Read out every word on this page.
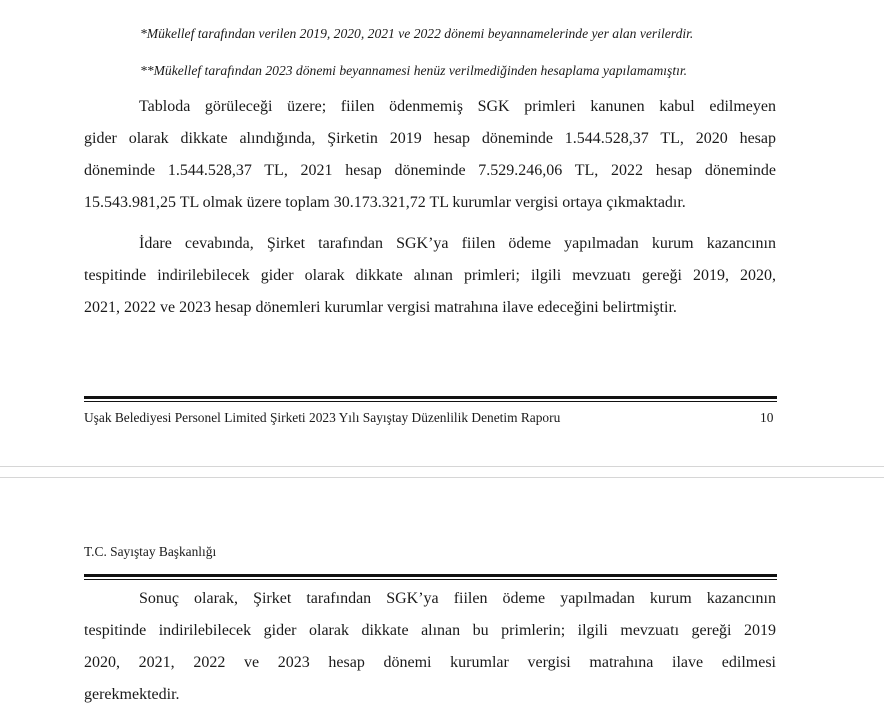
*Mükellef tarafından verilen 2019, 2020, 2021 ve 2022 dönemi beyannamelerinde yer alan verilerdir.
**Mükellef tarafından 2023 dönemi beyannamesi henüz verilmediğinden hesaplama yapılamamıştır.
Tabloda görüleceği üzere; fiilen ödenmemiş SGK primleri kanunen kabul edilmeyen
gider olarak dikkate alındığında, Şirketin 2019 hesap döneminde 1.544.528,37 TL, 2020 hesap
döneminde 1.544.528,37 TL, 2021 hesap döneminde 7.529.246,06 TL, 2022 hesap döneminde
15.543.981,25 TL olmak üzere toplam 30.173.321,72 TL kurumlar vergisi ortaya çıkmaktadır.
İdare cevabında, Şirket tarafından SGK’ya fiilen ödeme yapılmadan kurum kazancının
tespitinde indirilebilecek gider olarak dikkate alınan primleri; ilgili mevzuatı gereği 2019, 2020,
2021, 2022 ve 2023 hesap dönemleri kurumlar vergisi matrahına ilave edeceğini belirtmiştir.
Uşak Belediyesi Personel Limited Şirketi 2023 Yılı Sayıştay Düzenlilik Denetim Raporu	10
T.C. Sayıştay Başkanlığı
Sonuç olarak, Şirket tarafından SGK’ya fiilen ödeme yapılmadan kurum kazancının
tespitinde indirilebilecek gider olarak dikkate alınan bu primlerin; ilgili mevzuatı gereği 2019
2020, 2021, 2022 ve 2023 hesap dönemi kurumlar vergisi matrahına ilave edilmesi
gerekmektedir.
